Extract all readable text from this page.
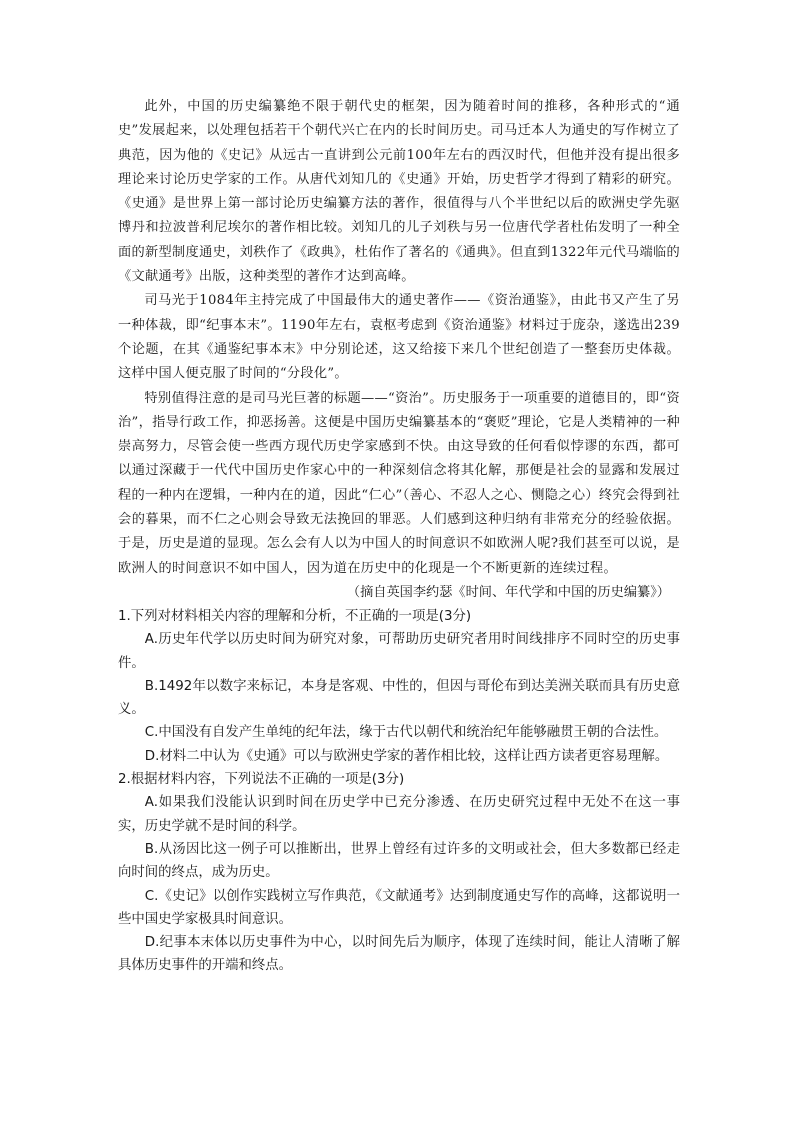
此外，中国的历史编纂绝不限于朝代史的框架，因为随着时间的推移，各种形式的“通史”发展起来，以处理包括若干个朝代兴亡在内的长时间历史。司马迁本人为通史的写作树立了典范，因为他的《史记》从远古一直讲到公元前100年左右的西汉时代，但他并没有提出很多理论来讨论历史学家的工作。从唐代刘知几的《史通》开始，历史哲学才得到了精彩的研究。《史通》是世界上第一部讨论历史编纂方法的著作，很值得与八个半世纪以后的欧洲史学先驱博丹和拉波普利尼埃尔的著作相比较。刘知几的儿子刘秩与另一位唐代学者杜佑发明了一种全面的新型制度通史，刘秩作了《政典》，杜佑作了著名的《通典》。但直到1322年元代马端临的《文献通考》出版，这种类型的著作才达到高峰。

司马光于1084年主持完成了中国最伟大的通史著作——《资治通鉴》，由此书又产生了另一种体裁，即“纪事本末”。1190年左右，袁枢考虑到《资治通鉴》材料过于庞杂，遂选出239个论题，在其《通鉴纪事本末》中分别论述，这又给接下来几个世纪创造了一整套历史体裁。这样中国人便克服了时间的“分段化”。

特别值得注意的是司马光巨著的标题——“资治”。历史服务于一项重要的道德目的，即“资治”，指导行政工作，抑恶扬善。这便是中国历史编纂基本的“褒贬”理论，它是人类精神的一种崇高努力，尽管会使一些西方现代历史学家感到不快。由这导致的任何看似悖谬的东西，都可以通过深藏于一代代中国历史作家心中的一种深刻信念将其化解，那便是社会的显露和发展过程的一种内在逻辑，一种内在的道，因此“仁心”（善心、不忍人之心、恻隐之心）终究会得到社会的暮果，而不仁之心则会导致无法挽回的罪恶。人们感到这种归纳有非常充分的经验依据。于是，历史是道的显现。怎么会有人以为中国人的时间意识不如欧洲人呢?我们甚至可以说，是欧洲人的时间意识不如中国人，因为道在历史中的化现是一个不断更新的连续过程。

（摘自英国李约瑟《时间、年代学和中国的历史编纂》）

1.下列对材料相关内容的理解和分析，不正确的一项是(3分)

A.历史年代学以历史时间为研究对象，可帮助历史研究者用时间线排序不同时空的历史事件。

B.1492年以数字来标记，本身是客观、中性的，但因与哥伦布到达美洲关联而具有历史意义。

C.中国没有自发产生单纯的纪年法，缘于古代以朝代和统治纪年能够融贯王朝的合法性。

D.材料二中认为《史通》可以与欧洲史学家的著作相比较，这样让西方读者更容易理解。

2.根据材料内容，下列说法不正确的一项是(3分)

A.如果我们没能认识到时间在历史学中已充分渗透、在历史研究过程中无处不在这一事实，历史学就不是时间的科学。

B.从汤因比这一例子可以推断出，世界上曾经有过许多的文明或社会，但大多数都已经走向时间的终点，成为历史。

C.《史记》以创作实践树立写作典范，《文献通考》达到制度通史写作的高峰，这都说明一些中国史学家极具时间意识。

D.纪事本末体以历史事件为中心，以时间先后为顺序，体现了连续时间，能让人清晰了解具体历史事件的开端和终点。
